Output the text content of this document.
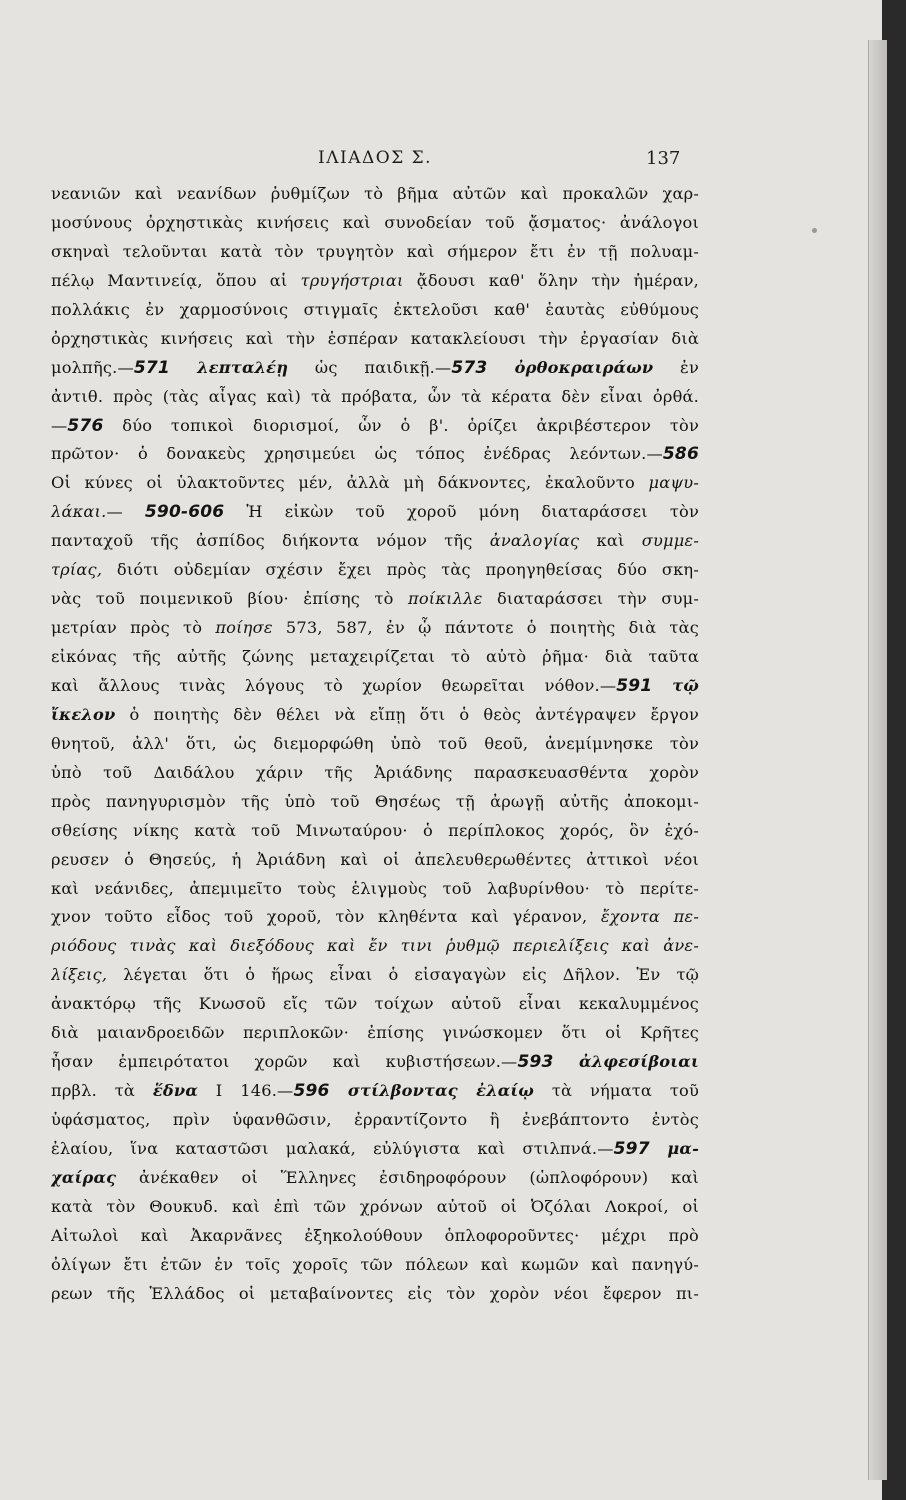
ΙΛΙΑΔΟΣ Σ.	137
νεανιῶν καὶ νεανίδων ῥυθμίζων τὸ βῆμα αὐτῶν καὶ προκαλῶν χαρ-
μοσύνους ὀρχηστικὰς κινήσεις καὶ συνοδείαν τοῦ ᾄσματος· ἀνάλογοι
σκηναὶ τελοῦνται κατὰ τὸν τρυγητὸν καὶ σήμερον ἔτι ἐν τῇ πολυαμ-
πέλῳ Μαντινείᾳ, ὅπου αἱ τρυγήστριαι ᾄδουσι καθ' ὅλην τὴν ἡμέραν,
πολλάκις ἐν χαρμοσύνοις στιγμαῖς ἐκτελοῦσι καθ' ἑαυτὰς εὐθύμους
ὀρχηστικὰς κινήσεις καὶ τὴν ἑσπέραν κατακλείουσι τὴν ἐργασίαν διὰ
μολπῆς.—571 λεπταλέῃ ὡς παιδικῇ.—573 ὀρθοκραιράων ἐν
ἀντιθ. πρὸς (τὰς αἶγας καὶ) τὰ πρόβατα, ὧν τὰ κέρατα δὲν εἶναι ὀρθά.
—576 δύο τοπικοὶ διορισμοί, ὧν ὁ β'. ὁρίζει ἀκριβέστερον τὸν
πρῶτον· ὁ δονακεὺς χρησιμεύει ὡς τόπος ἐνέδρας λεόντων.—586
Οἱ κύνες οἱ ὑλακτοῦντες μέν, ἀλλὰ μὴ δάκνοντες, ἐκαλοῦντο μαψυ-
λάκαι.— 590-606 Ἡ εἰκὼν τοῦ χοροῦ μόνη διαταράσσει τὸν
πανταχοῦ τῆς ἀσπίδος διήκοντα νόμον τῆς ἀναλογίας καὶ συμμε-
τρίας, διότι οὐδεμίαν σχέσιν ἔχει πρὸς τὰς προηγηθείσας δύο σκη-
νὰς τοῦ ποιμενικοῦ βίου· ἐπίσης τὸ ποίκιλλε διαταράσσει τὴν συμ-
μετρίαν πρὸς τὸ ποίησε 573, 587, ἐν ᾧ πάντοτε ὁ ποιητὴς διὰ τὰς
εἰκόνας τῆς αὐτῆς ζώνης μεταχειρίζεται τὸ αὐτὸ ῥῆμα· διὰ ταῦτα
καὶ ἄλλους τινὰς λόγους τὸ χωρίον θεωρεῖται νόθον.—591 τῷ
ἴκελον ὁ ποιητὴς δὲν θέλει νὰ εἴπῃ ὅτι ὁ θεὸς ἀντέγραψεν ἔργον
θνητοῦ, ἀλλ' ὅτι, ὡς διεμορφώθη ὑπὸ τοῦ θεοῦ, ἀνεμίμνησκε τὸν
ὑπὸ τοῦ Δαιδάλου χάριν τῆς Ἀριάδνης παρασκευασθέντα χορὸν
πρὸς πανηγυρισμὸν τῆς ὑπὸ τοῦ Θησέως τῇ ἀρωγῇ αὐτῆς ἀποκομι-
σθείσης νίκης κατὰ τοῦ Μινωταύρου· ὁ περίπλοκος χορός, ὃν ἐχό-
ρευσεν ὁ Θησεύς, ἡ Ἀριάδνη καὶ οἱ ἀπελευθερωθέντες ἀττικοὶ νέοι
καὶ νεάνιδες, ἀπεμιμεῖτο τοὺς ἑλιγμοὺς τοῦ λαβυρίνθου· τὸ περίτε-
χνον τοῦτο εἶδος τοῦ χοροῦ, τὸν κληθέντα καὶ γέρανον, ἔχοντα πε-
ριόδους τινὰς καὶ διεξόδους καὶ ἔν τινι ῥυθμῷ περιελίξεις καὶ ἀνε-
λίξεις, λέγεται ὅτι ὁ ἥρως εἶναι ὁ εἰσαγαγὼν εἰς Δῆλον. Ἐν τῷ
ἀνακτόρῳ τῆς Κνωσοῦ εἴς τῶν τοίχων αὐτοῦ εἶναι κεκαλυμμένος
διὰ μαιανδροειδῶν περιπλοκῶν· ἐπίσης γινώσκομεν ὅτι οἱ Κρῆτες
ἦσαν ἐμπειρότατοι χορῶν καὶ κυβιστήσεων.—593 ἀλφεσίβοιαι
πρβλ. τὰ ἕδνα Ι 146.—596 στίλβοντας ἐλαίῳ τὰ νήματα τοῦ
ὑφάσματος, πρὶν ὑφανθῶσιν, ἐρραντίζοντο ἢ ἐνεβάπτοντο ἐντὸς
ἐλαίου, ἵνα καταστῶσι μαλακά, εὐλύγιστα καὶ στιλπνά.—597 μα-
χαίρας ἀνέκαθεν οἱ Ἕλληνες ἐσιδηροφόρουν (ὡπλοφόρουν) καὶ
κατὰ τὸν Θουκυδ. καὶ ἐπὶ τῶν χρόνων αὐτοῦ οἱ Ὀζόλαι Λοκροί, οἱ
Αἰτωλοὶ καὶ Ἀκαρνᾶνες ἐξηκολούθουν ὁπλοφοροῦντες· μέχρι πρὸ
ὀλίγων ἔτι ἐτῶν ἐν τοῖς χοροῖς τῶν πόλεων καὶ κωμῶν καὶ πανηγύ-
ρεων τῆς Ἑλλάδος οἱ μεταβαίνοντες εἰς τὸν χορὸν νέοι ἔφερον πι-
